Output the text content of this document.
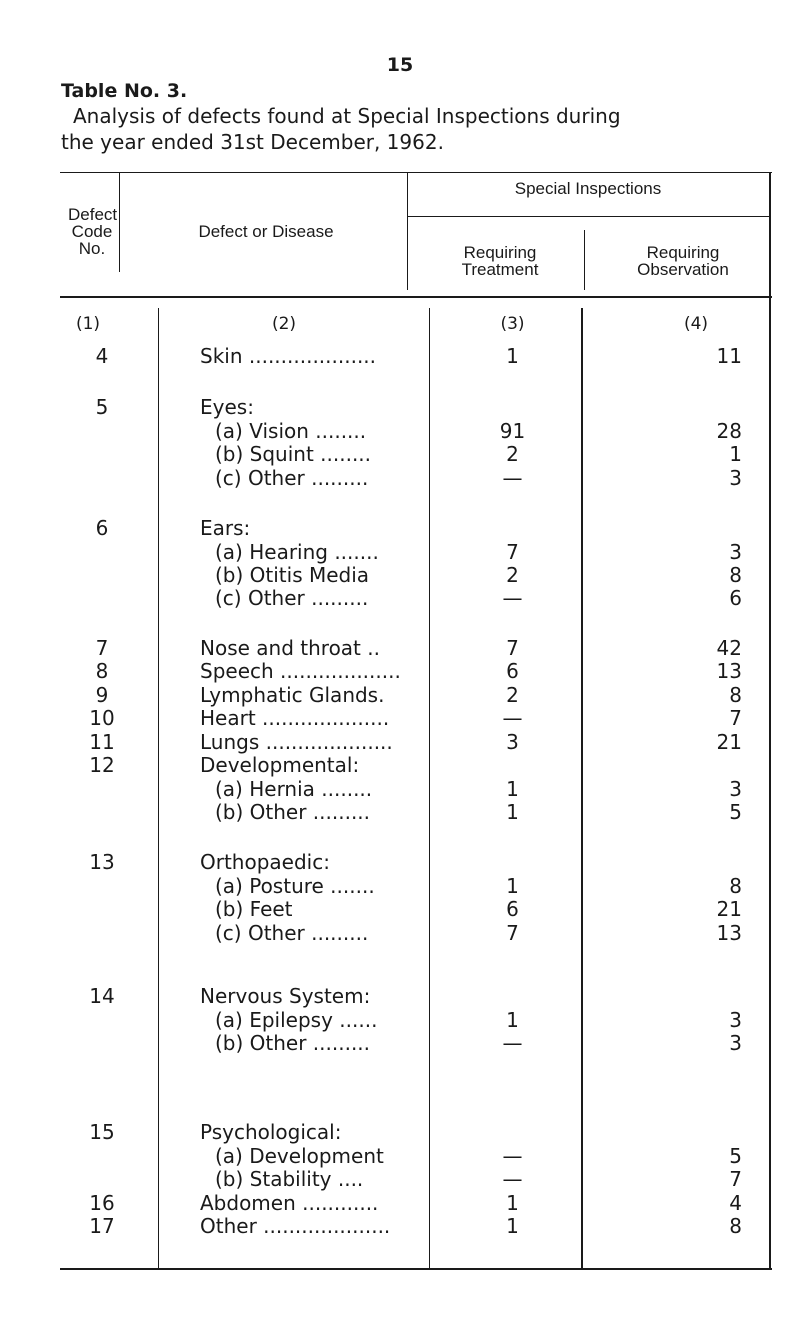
15
Table No. 3.
Analysis of defects found at Special Inspections during
the year ended 31st December, 1962.
Defect Code No.
Defect or Disease
Special Inspections
Requiring Treatment
Requiring Observation
(1)	(2)	(3)	(4)
4	Skin ....................	1	11
5	Eyes:
(a) Vision ........	91	28
(b) Squint ........	2	1
(c) Other .........	—	3
6	Ears:
(a) Hearing .......	7	3
(b) Otitis Media	2	8
(c) Other .........	—	6
7	Nose and throat ..	7	42
8	Speech ...................	6	13
9	Lymphatic Glands.	2	8
10	Heart ....................	—	7
11	Lungs ....................	3	21
12	Developmental:
(a) Hernia ........	1	3
(b) Other .........	1	5
13	Orthopaedic:
(a) Posture .......	1	8
(b) Feet	6	21
(c) Other .........	7	13
14	Nervous System:
(a) Epilepsy ......	1	3
(b) Other .........	—	3
15	Psychological:
(a) Development	—	5
(b) Stability ....	—	7
16	Abdomen ............	1	4
17	Other ....................	1	8
